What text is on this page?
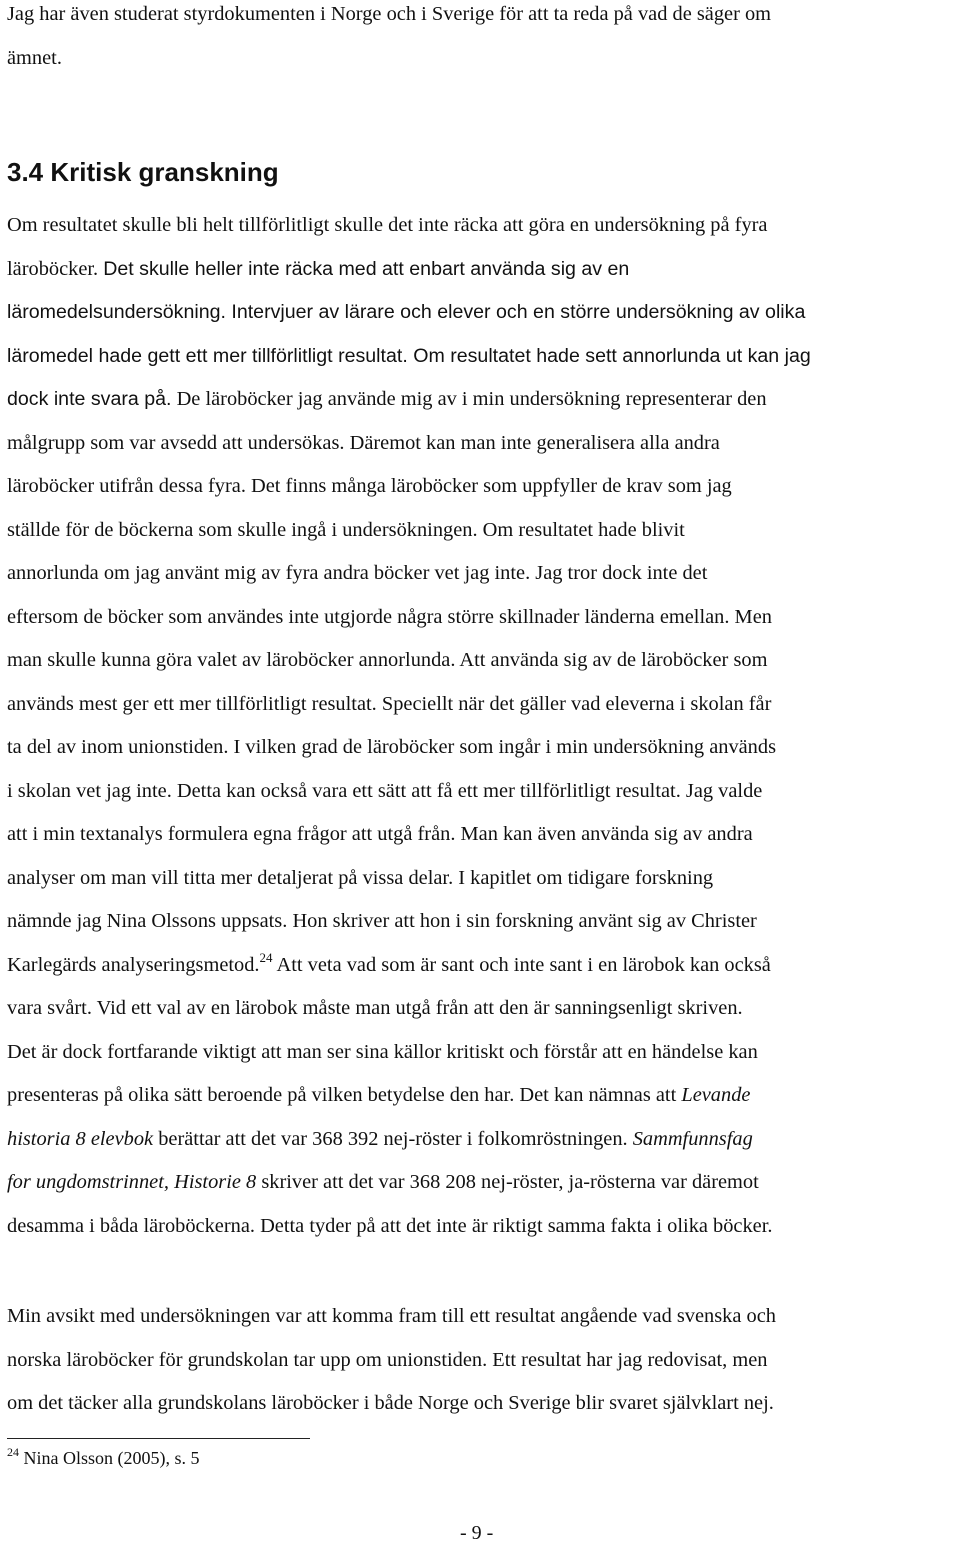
Jag har även studerat styrdokumenten i Norge och i Sverige för att ta reda på vad de säger om
ämnet.

3.4 Kritisk granskning

Om resultatet skulle bli helt tillförlitligt skulle det inte räcka att göra en undersökning på fyra
läroböcker. Det skulle heller inte räcka med att enbart använda sig av en
läromedelsundersökning. Intervjuer av lärare och elever och en större undersökning av olika
läromedel hade gett ett mer tillförlitligt resultat. Om resultatet hade sett annorlunda ut kan jag
dock inte svara på. De läroböcker jag använde mig av i min undersökning representerar den
målgrupp som var avsedd att undersökas. Däremot kan man inte generalisera alla andra
läroböcker utifrån dessa fyra. Det finns många läroböcker som uppfyller de krav som jag
ställde för de böckerna som skulle ingå i undersökningen. Om resultatet hade blivit
annorlunda om jag använt mig av fyra andra böcker vet jag inte. Jag tror dock inte det
eftersom de böcker som användes inte utgjorde några större skillnader länderna emellan. Men
man skulle kunna göra valet av läroböcker annorlunda. Att använda sig av de läroböcker som
används mest ger ett mer tillförlitligt resultat. Speciellt när det gäller vad eleverna i skolan får
ta del av inom unionstiden. I vilken grad de läroböcker som ingår i min undersökning används
i skolan vet jag inte. Detta kan också vara ett sätt att få ett mer tillförlitligt resultat. Jag valde
att i min textanalys formulera egna frågor att utgå från. Man kan även använda sig av andra
analyser om man vill titta mer detaljerat på vissa delar. I kapitlet om tidigare forskning
nämnde jag Nina Olssons uppsats. Hon skriver att hon i sin forskning använt sig av Christer
Karlegärds analyseringsmetod.$^{24}$ Att veta vad som är sant och inte sant i en lärobok kan också
vara svårt. Vid ett val av en lärobok måste man utgå från att den är sanningsenligt skriven.
Det är dock fortfarande viktigt att man ser sina källor kritiskt och förstår att en händelse kan
presenteras på olika sätt beroende på vilken betydelse den har. Det kan nämnas att Levande
historia 8 elevbok berättar att det var 368 392 nej-röster i folkomröstningen. Sammfunnsfag
for ungdomstrinnet, Historie 8 skriver att det var 368 208 nej-röster, ja-rösterna var däremot
desamma i båda läroböckerna. Detta tyder på att det inte är riktigt samma fakta i olika böcker.

Min avsikt med undersökningen var att komma fram till ett resultat angående vad svenska och
norska läroböcker för grundskolan tar upp om unionstiden. Ett resultat har jag redovisat, men
om det täcker alla grundskolans läroböcker i både Norge och Sverige blir svaret självklart nej.

$^{24}$ Nina Olsson (2005), s. 5
- 9 -
